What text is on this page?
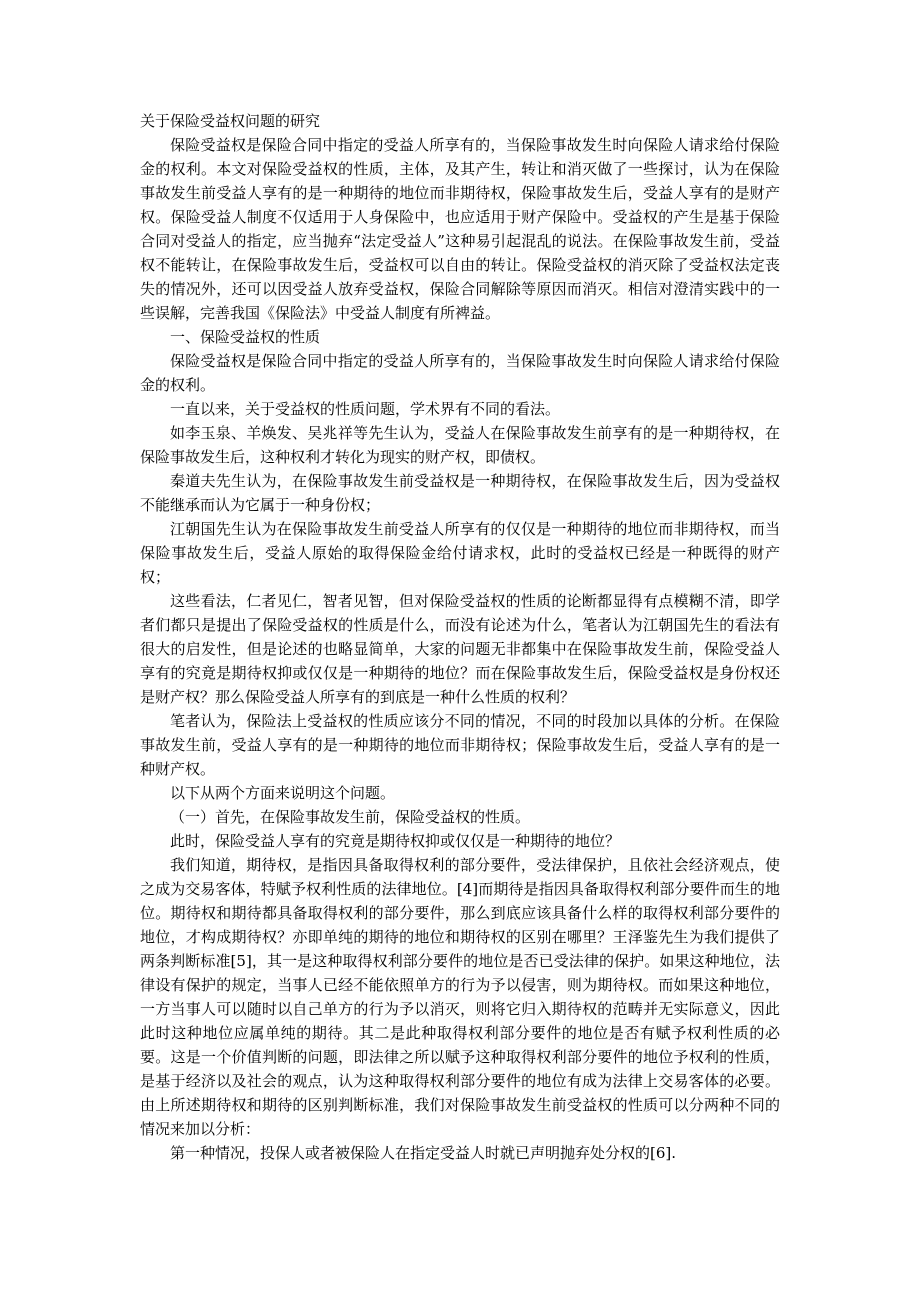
关于保险受益权问题的研究

保险受益权是保险合同中指定的受益人所享有的，当保险事故发生时向保险人请求给付保险金的权利。本文对保险受益权的性质，主体，及其产生，转让和消灭做了一些探讨，认为在保险事故发生前受益人享有的是一种期待的地位而非期待权，保险事故发生后，受益人享有的是财产权。保险受益人制度不仅适用于人身保险中，也应适用于财产保险中。受益权的产生是基于保险合同对受益人的指定，应当抛弃“法定受益人”这种易引起混乱的说法。在保险事故发生前，受益权不能转让，在保险事故发生后，受益权可以自由的转让。保险受益权的消灭除了受益权法定丧失的情况外，还可以因受益人放弃受益权，保险合同解除等原因而消灭。相信对澄清实践中的一些误解，完善我国《保险法》中受益人制度有所裨益。

一、保险受益权的性质

保险受益权是保险合同中指定的受益人所享有的，当保险事故发生时向保险人请求给付保险金的权利。

一直以来，关于受益权的性质问题，学术界有不同的看法。

如李玉泉、羊焕发、吴兆祥等先生认为，受益人在保险事故发生前享有的是一种期待权，在保险事故发生后，这种权利才转化为现实的财产权，即债权。

秦道夫先生认为，在保险事故发生前受益权是一种期待权，在保险事故发生后，因为受益权不能继承而认为它属于一种身份权；

江朝国先生认为在保险事故发生前受益人所享有的仅仅是一种期待的地位而非期待权，而当保险事故发生后，受益人原始的取得保险金给付请求权，此时的受益权已经是一种既得的财产权；

这些看法，仁者见仁，智者见智，但对保险受益权的性质的论断都显得有点模糊不清，即学者们都只是提出了保险受益权的性质是什么，而没有论述为什么，笔者认为江朝国先生的看法有很大的启发性，但是论述的也略显简单，大家的问题无非都集中在保险事故发生前，保险受益人享有的究竟是期待权抑或仅仅是一种期待的地位？而在保险事故发生后，保险受益权是身份权还是财产权？那么保险受益人所享有的到底是一种什么性质的权利？

笔者认为，保险法上受益权的性质应该分不同的情况，不同的时段加以具体的分析。在保险事故发生前，受益人享有的是一种期待的地位而非期待权；保险事故发生后，受益人享有的是一种财产权。

以下从两个方面来说明这个问题。

（一）首先，在保险事故发生前，保险受益权的性质。

此时，保险受益人享有的究竟是期待权抑或仅仅是一种期待的地位？

我们知道，期待权，是指因具备取得权利的部分要件，受法律保护，且依社会经济观点，使之成为交易客体，特赋予权利性质的法律地位。[4]而期待是指因具备取得权利部分要件而生的地位。期待权和期待都具备取得权利的部分要件，那么到底应该具备什么样的取得权利部分要件的地位，才构成期待权？亦即单纯的期待的地位和期待权的区别在哪里？王泽鉴先生为我们提供了两条判断标准[5]，其一是这种取得权利部分要件的地位是否已受法律的保护。如果这种地位，法律设有保护的规定，当事人已经不能依照单方的行为予以侵害，则为期待权。而如果这种地位，一方当事人可以随时以自己单方的行为予以消灭，则将它归入期待权的范畴并无实际意义，因此此时这种地位应属单纯的期待。其二是此种取得权利部分要件的地位是否有赋予权利性质的必要。这是一个价值判断的问题，即法律之所以赋予这种取得权利部分要件的地位予权利的性质，是基于经济以及社会的观点，认为这种取得权利部分要件的地位有成为法律上交易客体的必要。由上所述期待权和期待的区别判断标准，我们对保险事故发生前受益权的性质可以分两种不同的情况来加以分析：

第一种情况，投保人或者被保险人在指定受益人时就已声明抛弃处分权的[6].
